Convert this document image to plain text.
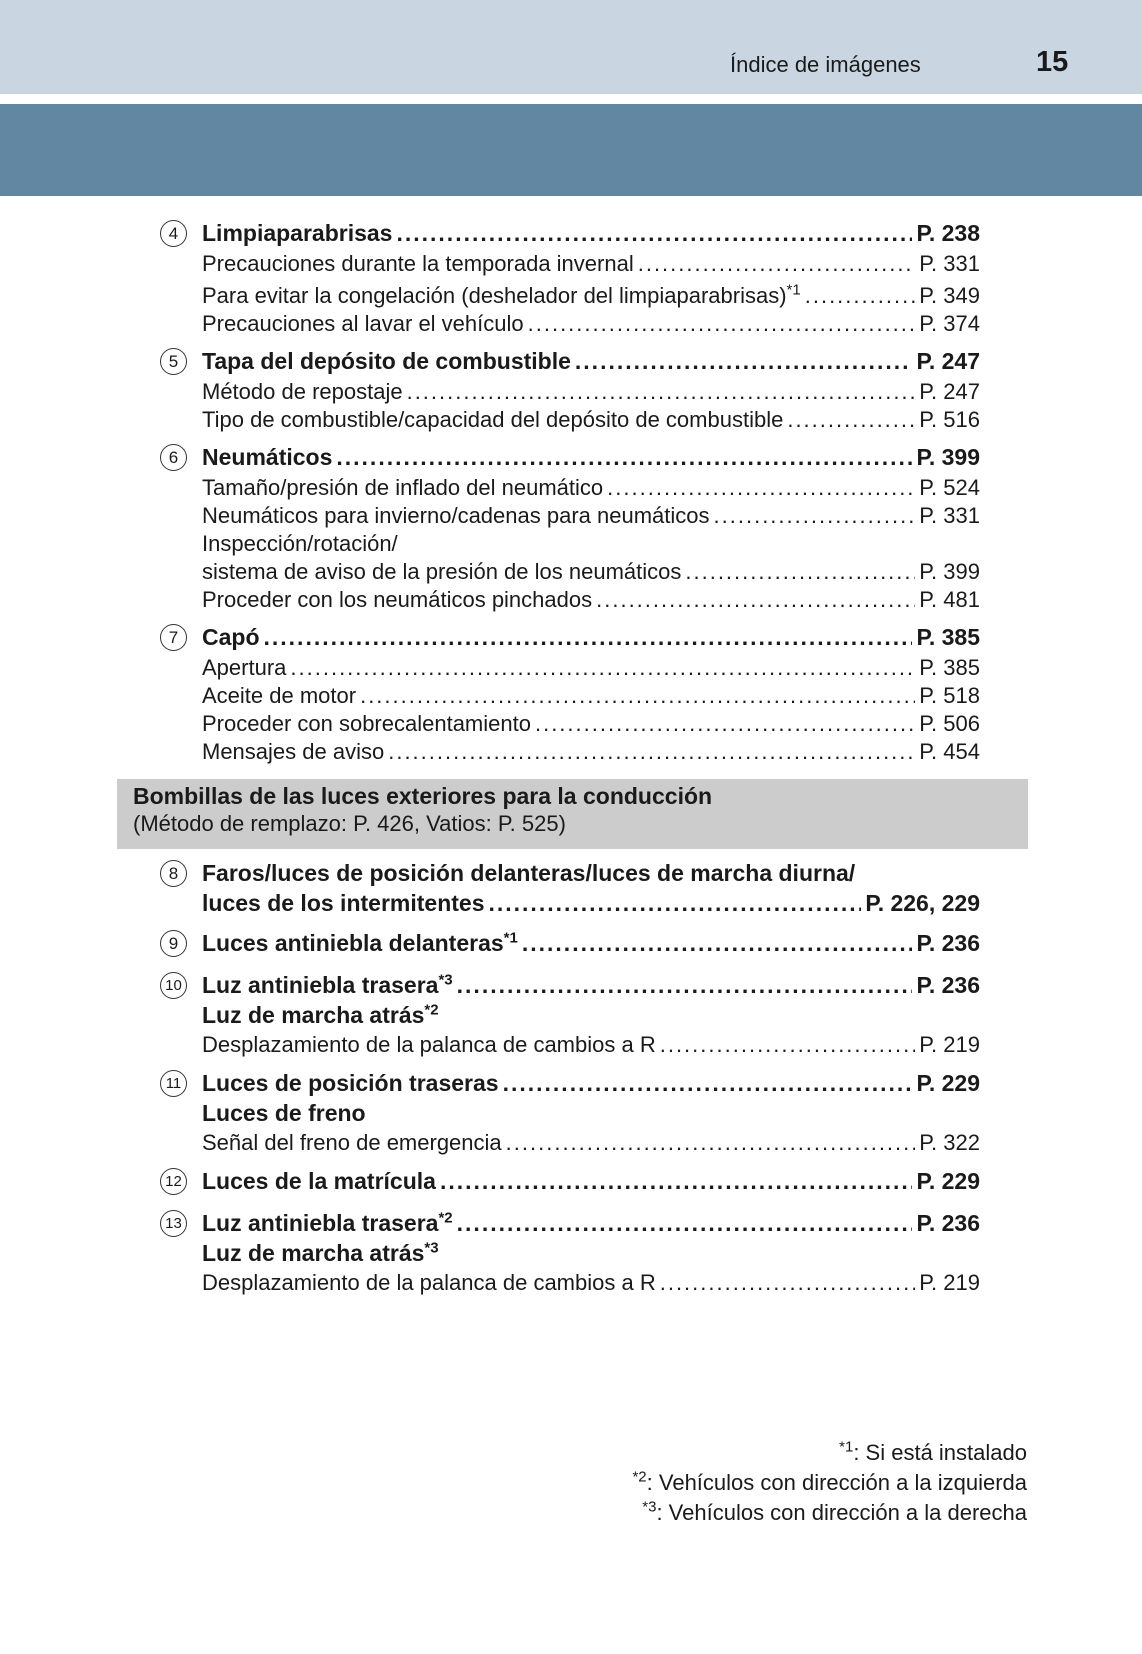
Índice de imágenes	15
4	Limpiaparabrisas .....	P. 238
Precauciones durante la temporada invernal .....	P. 331
Para evitar la congelación (deshelador del limpiaparabrisas)$^{*1}$ .....	P. 349
Precauciones al lavar el vehículo .....	P. 374
5	Tapa del depósito de combustible .....	P. 247
Método de repostaje .....	P. 247
Tipo de combustible/capacidad del depósito de combustible .....	P. 516
6	Neumáticos .....	P. 399
Tamaño/presión de inflado del neumático .....	P. 524
Neumáticos para invierno/cadenas para neumáticos .....	P. 331
Inspección/rotación/
sistema de aviso de la presión de los neumáticos .....	P. 399
Proceder con los neumáticos pinchados .....	P. 481
7	Capó .....	P. 385
Apertura .....	P. 385
Aceite de motor .....	P. 518
Proceder con sobrecalentamiento .....	P. 506
Mensajes de aviso .....	P. 454
Bombillas de las luces exteriores para la conducción
(Método de remplazo: P. 426, Vatios: P. 525)
8	Faros/luces de posición delanteras/luces de marcha diurna/
luces de los intermitentes .....	P. 226, 229
9	Luces antiniebla delanteras$^{*1}$ .....	P. 236
10 Luz antiniebla trasera$^{*3}$ .....	P. 236
Luz de marcha atrás$^{*2}$
Desplazamiento de la palanca de cambios a R .....	P. 219
11 Luces de posición traseras .....	P. 229
Luces de freno
Señal del freno de emergencia .....	P. 322
12 Luces de la matrícula .....	P. 229
13 Luz antiniebla trasera$^{*2}$ .....	P. 236
Luz de marcha atrás$^{*3}$
Desplazamiento de la palanca de cambios a R .....	P. 219
$^{*1}$: Si está instalado
$^{*2}$: Vehículos con dirección a la izquierda
$^{*3}$: Vehículos con dirección a la derecha
